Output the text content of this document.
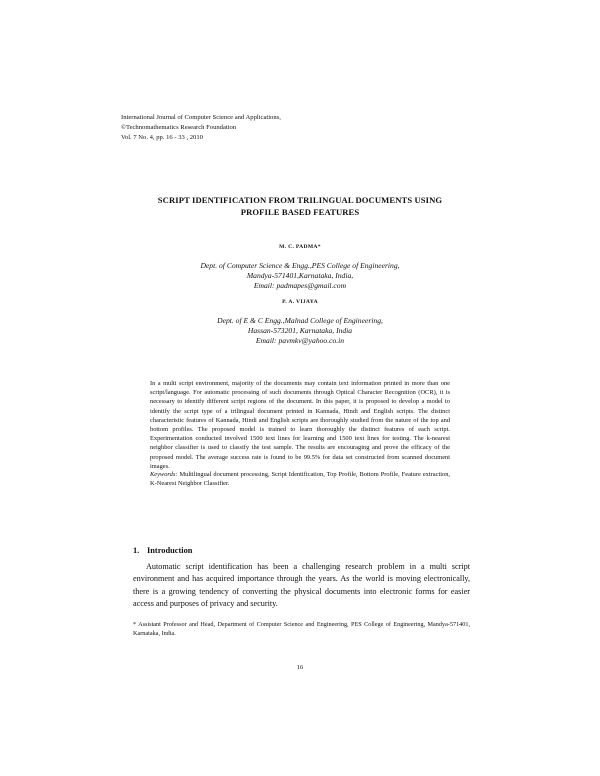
International Journal of Computer Science and Applications,
©Technomathematics Research Foundation
Vol. 7 No. 4, pp. 16 - 33 , 2010
SCRIPT IDENTIFICATION FROM TRILINGUAL DOCUMENTS USING
PROFILE BASED FEATURES
M. C. PADMA*
Dept. of Computer Science & Engg.,PES College of Engineering,
Mandya-571401,Karnataka, India,
Email: padmapes@gmail.com
P. A. VIJAYA
Dept. of E & C Engg.,Malnad College of Engineering,
Hassan-573201, Karnataka, India
Email: pavmkv@yahoo.co.in
In a multi script environment, majority of the documents may contain text information printed in more than one script/language. For automatic processing of such documents through Optical Character Recognition (OCR), it is necessary to identify different script regions of the document. In this paper, it is proposed to develop a model to identify the script type of a trilingual document printed in Kannada, Hindi and English scripts. The distinct characteristic features of Kannada, Hindi and English scripts are thoroughly studied from the nature of the top and bottom profiles. The proposed model is trained to learn thoroughly the distinct features of each script. Experimentation conducted involved 1500 text lines for learning and 1500 text lines for testing. The k-nearest neighbor classifier is used to classify the test sample. The results are encouraging and prove the efficacy of the proposed model. The average success rate is found to be 99.5% for data set constructed from scanned document images.
Keywords: Multilingual document processing, Script Identification, Top Profile, Bottom Profile, Feature extraction, K-Nearest Neighbor Classifier.
1. Introduction
Automatic script identification has been a challenging research problem in a multi script environment and has acquired importance through the years. As the world is moving electronically, there is a growing tendency of converting the physical documents into electronic forms for easier access and purposes of privacy and security.
* Assistant Professor and Head, Department of Computer Science and Engineering, PES College of Engineering, Mandya-571401, Karnataka, India.
16
